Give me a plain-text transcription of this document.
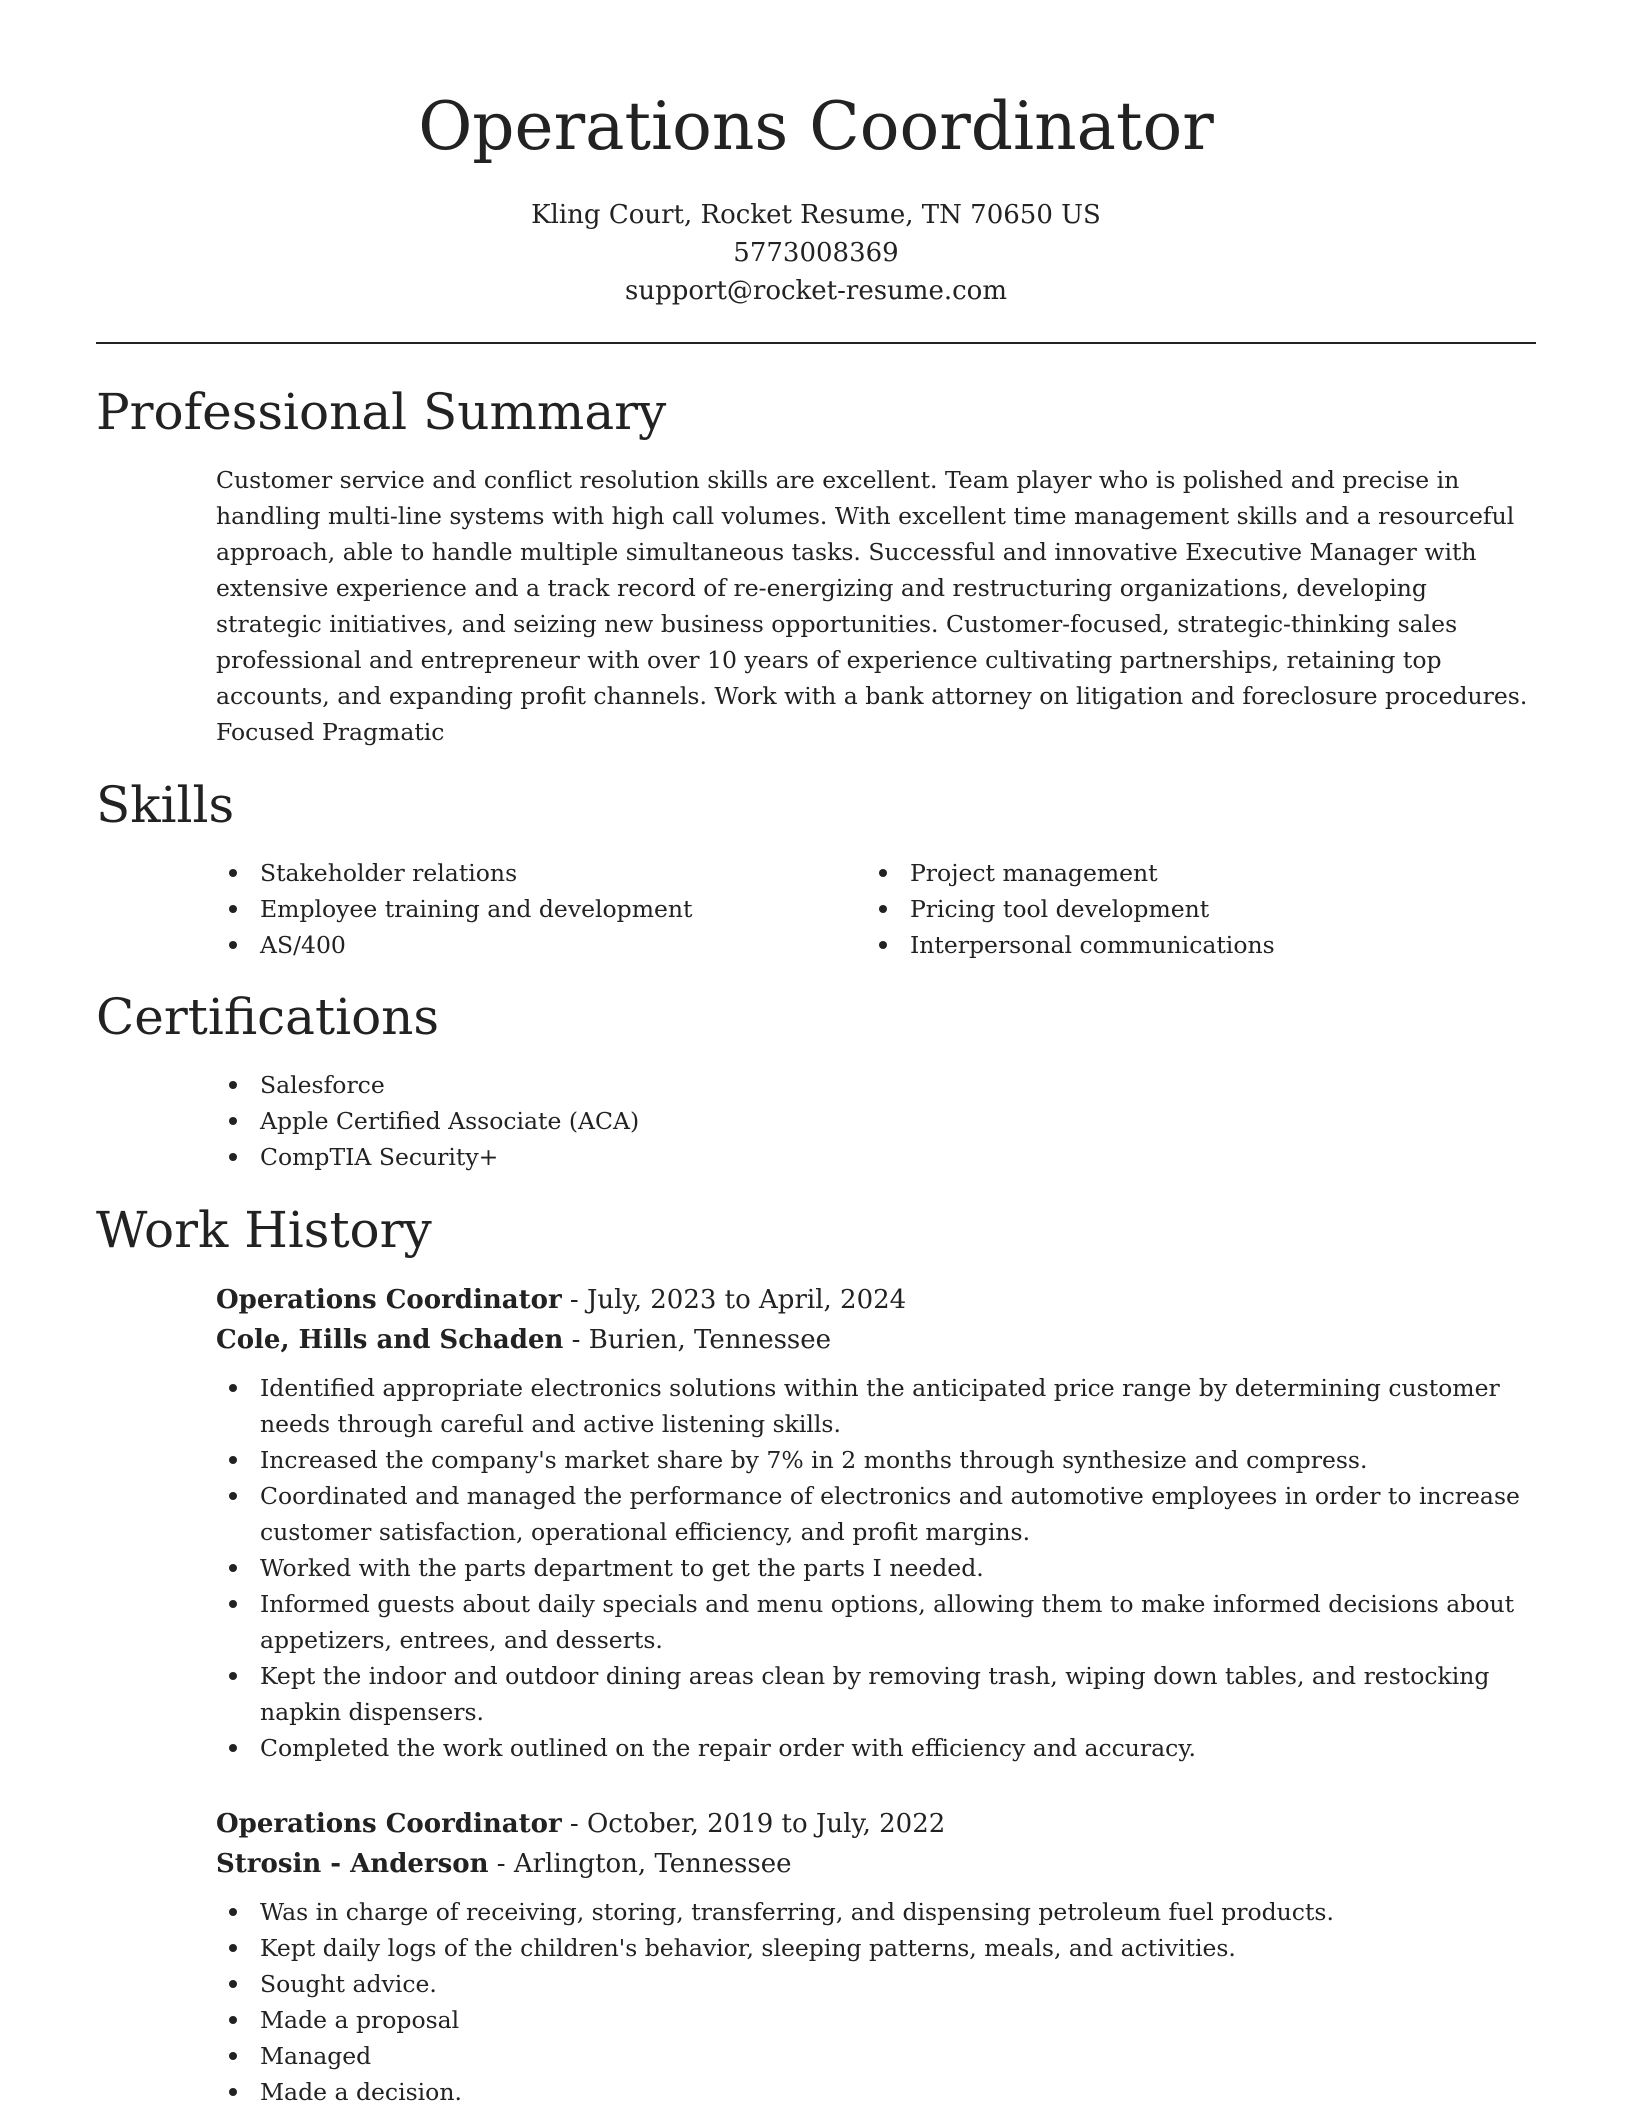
Operations Coordinator
Kling Court, Rocket Resume, TN 70650 US
5773008369
support@rocket-resume.com
Professional Summary
Customer service and conflict resolution skills are excellent. Team player who is polished and precise in handling multi-line systems with high call volumes. With excellent time management skills and a resourceful approach, able to handle multiple simultaneous tasks. Successful and innovative Executive Manager with extensive experience and a track record of re-energizing and restructuring organizations, developing strategic initiatives, and seizing new business opportunities. Customer-focused, strategic-thinking sales professional and entrepreneur with over 10 years of experience cultivating partnerships, retaining top accounts, and expanding profit channels. Work with a bank attorney on litigation and foreclosure procedures. Focused Pragmatic
Skills
Stakeholder relations
Employee training and development
AS/400
Project management
Pricing tool development
Interpersonal communications
Certifications
Salesforce
Apple Certified Associate (ACA)
CompTIA Security+
Work History
Operations Coordinator - July, 2023 to April, 2024
Cole, Hills and Schaden - Burien, Tennessee
Identified appropriate electronics solutions within the anticipated price range by determining customer needs through careful and active listening skills.
Increased the company's market share by 7% in 2 months through synthesize and compress.
Coordinated and managed the performance of electronics and automotive employees in order to increase customer satisfaction, operational efficiency, and profit margins.
Worked with the parts department to get the parts I needed.
Informed guests about daily specials and menu options, allowing them to make informed decisions about appetizers, entrees, and desserts.
Kept the indoor and outdoor dining areas clean by removing trash, wiping down tables, and restocking napkin dispensers.
Completed the work outlined on the repair order with efficiency and accuracy.
Operations Coordinator - October, 2019 to July, 2022
Strosin - Anderson - Arlington, Tennessee
Was in charge of receiving, storing, transferring, and dispensing petroleum fuel products.
Kept daily logs of the children's behavior, sleeping patterns, meals, and activities.
Sought advice.
Made a proposal
Managed
Made a decision.
